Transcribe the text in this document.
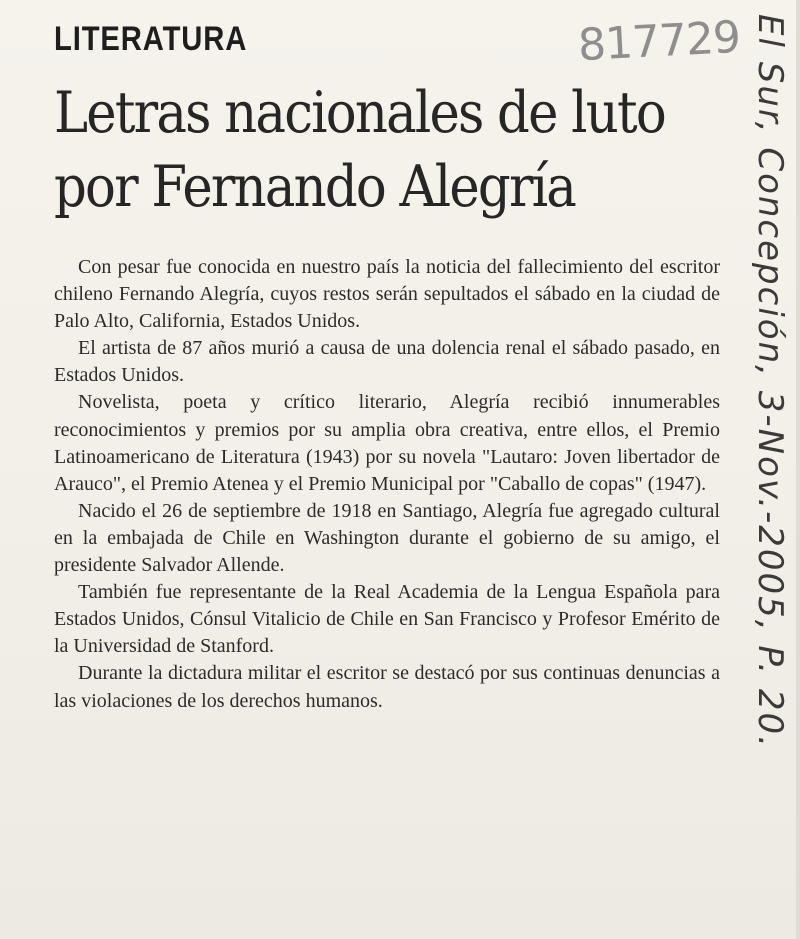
LITERATURA	817729
Letras nacionales de luto
por Fernando Alegría

Con pesar fue conocida en nuestro país la noticia del fallecimiento del escritor chileno Fernando Alegría, cuyos restos serán sepultados el sábado en la ciudad de Palo Alto, California, Estados Unidos.

El artista de 87 años murió a causa de una dolencia renal el sábado pasado, en Estados Unidos.

Novelista, poeta y crítico literario, Alegría recibió innumerables reconocimientos y premios por su amplia obra creativa, entre ellos, el Premio Latinoamericano de Literatura (1943) por su novela "Lautaro: Joven libertador de Arauco", el Premio Atenea y el Premio Municipal por "Caballo de copas" (1947).

Nacido el 26 de septiembre de 1918 en Santiago, Alegría fue agregado cultural en la embajada de Chile en Washington durante el gobierno de su amigo, el presidente Salvador Allende.

También fue representante de la Real Academia de la Lengua Española para Estados Unidos, Cónsul Vitalicio de Chile en San Francisco y Profesor Emérito de la Universidad de Stanford.

Durante la dictadura militar el escritor se destacó por sus continuas denuncias a las violaciones de los derechos humanos.	El Sur, Concepción, 3-Nov.-2005, P. 20.
